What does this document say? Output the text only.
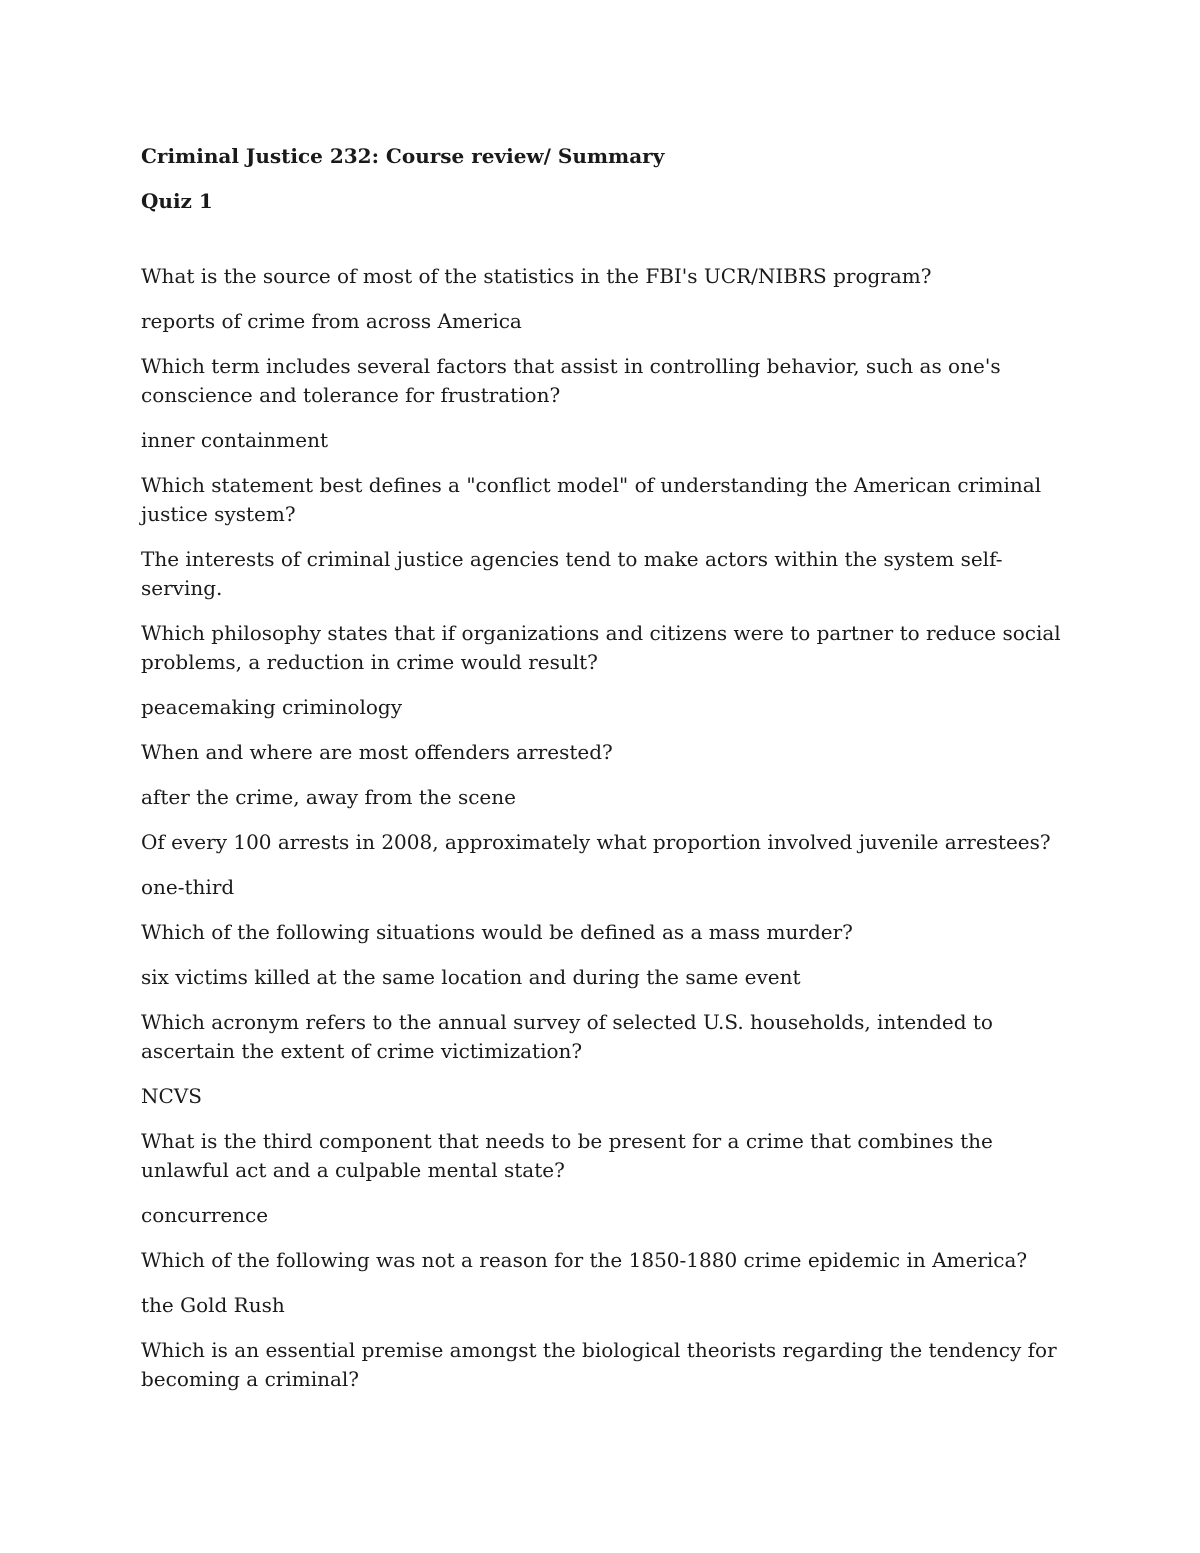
Criminal Justice 232: Course review/ Summary
Quiz 1
What is the source of most of the statistics in the FBI's UCR/NIBRS program?
reports of crime from across America
Which term includes several factors that assist in controlling behavior, such as one's conscience and tolerance for frustration?
inner containment
Which statement best defines a "conflict model" of understanding the American criminal justice system?
The interests of criminal justice agencies tend to make actors within the system self-serving.
Which philosophy states that if organizations and citizens were to partner to reduce social problems, a reduction in crime would result?
peacemaking criminology
When and where are most offenders arrested?
after the crime, away from the scene
Of every 100 arrests in 2008, approximately what proportion involved juvenile arrestees?
one-third
Which of the following situations would be defined as a mass murder?
six victims killed at the same location and during the same event
Which acronym refers to the annual survey of selected U.S. households, intended to ascertain the extent of crime victimization?
NCVS
What is the third component that needs to be present for a crime that combines the unlawful act and a culpable mental state?
concurrence
Which of the following was not a reason for the 1850-1880 crime epidemic in America?
the Gold Rush
Which is an essential premise amongst the biological theorists regarding the tendency for becoming a criminal?
